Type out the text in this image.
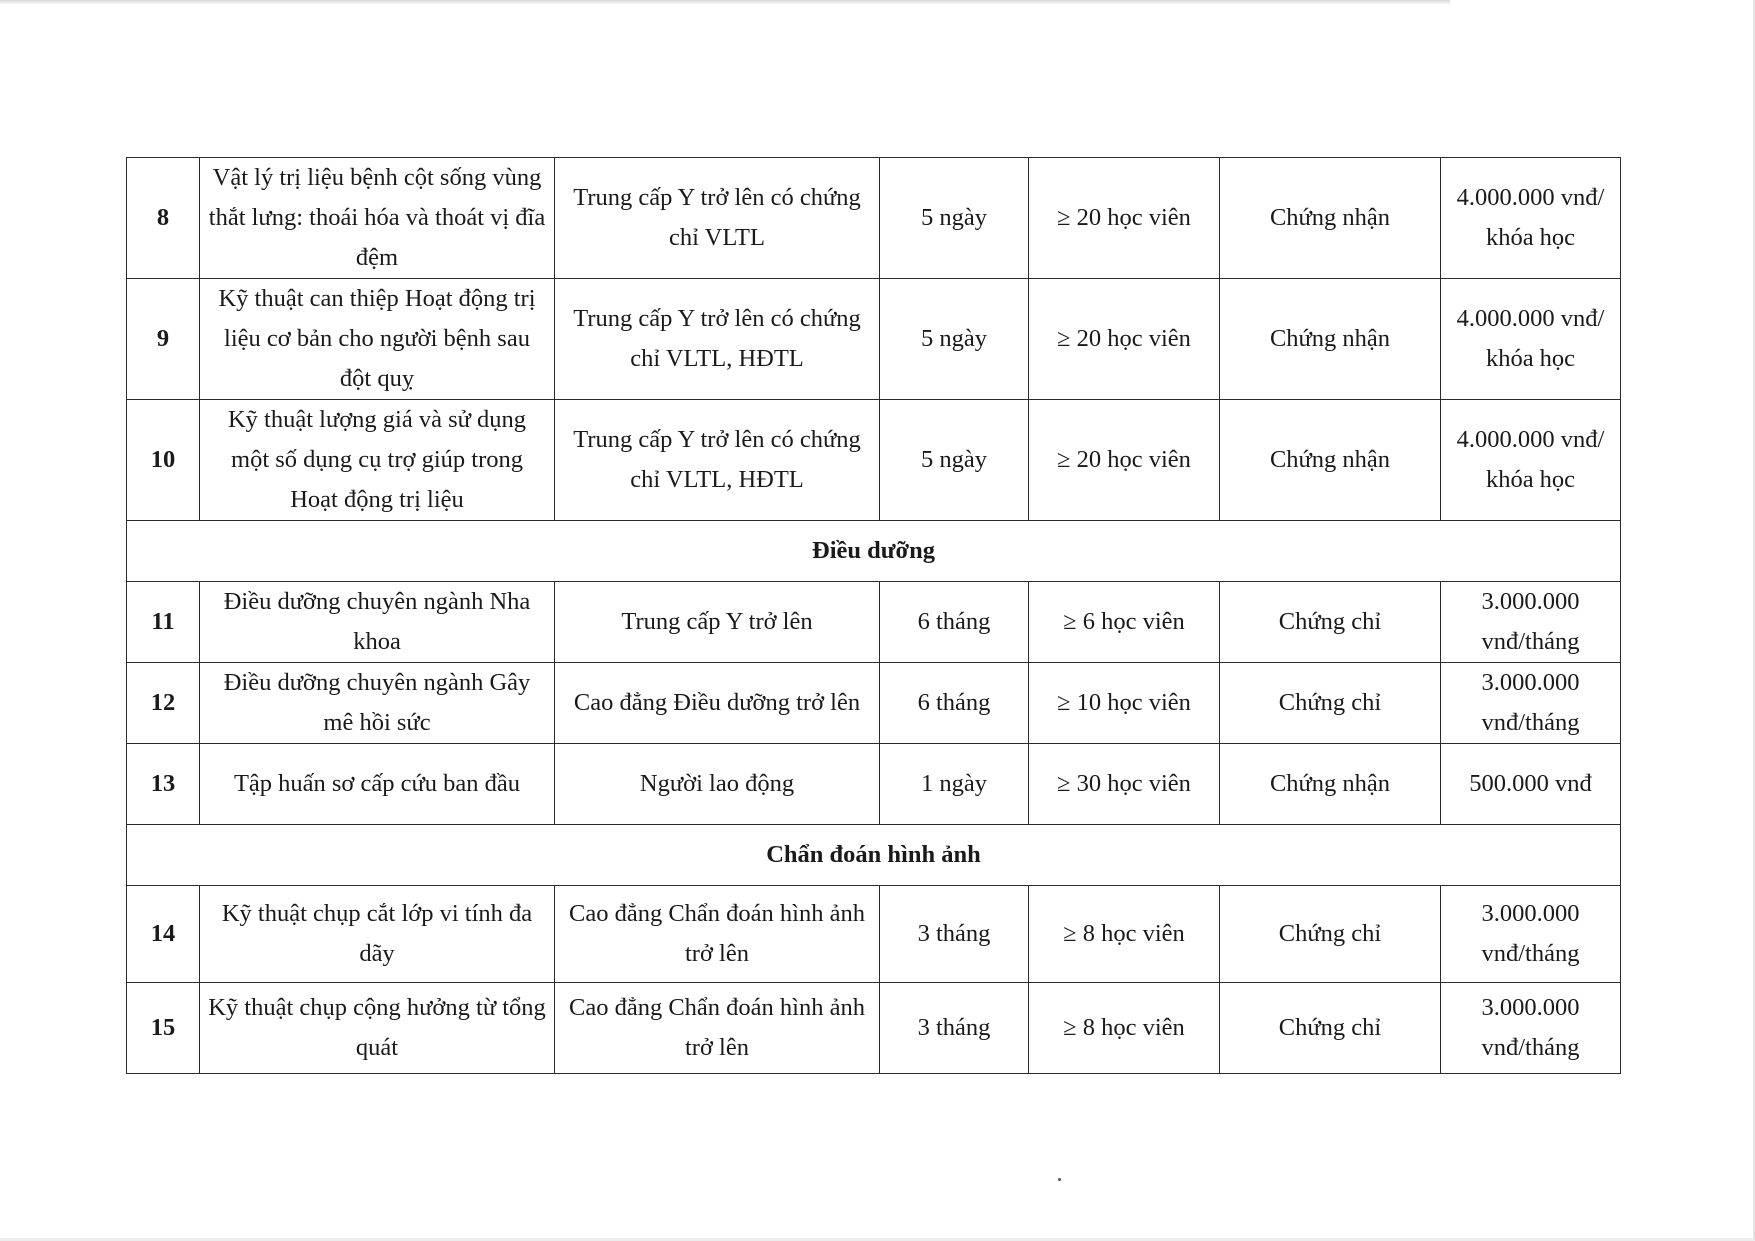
8	Vật lý trị liệu bệnh cột sống vùng thắt lưng: thoái hóa và thoát vị đĩa đệm	Trung cấp Y trở lên có chứng chỉ VLTL	5 ngày	≥ 20 học viên	Chứng nhận	4.000.000 vnđ/ khóa học
9	Kỹ thuật can thiệp Hoạt động trị liệu cơ bản cho người bệnh sau đột quỵ	Trung cấp Y trở lên có chứng chỉ VLTL, HĐTL	5 ngày	≥ 20 học viên	Chứng nhận	4.000.000 vnđ/ khóa học
10	Kỹ thuật lượng giá và sử dụng một số dụng cụ trợ giúp trong Hoạt động trị liệu	Trung cấp Y trở lên có chứng chỉ VLTL, HĐTL	5 ngày	≥ 20 học viên	Chứng nhận	4.000.000 vnđ/ khóa học
Điều dưỡng						
11	Điều dưỡng chuyên ngành Nha khoa	Trung cấp Y trở lên	6 tháng	≥ 6 học viên	Chứng chỉ	3.000.000 vnđ/tháng
12	Điều dưỡng chuyên ngành Gây mê hồi sức	Cao đẳng Điều dưỡng trở lên	6 tháng	≥ 10 học viên	Chứng chỉ	3.000.000 vnđ/tháng
13	Tập huấn sơ cấp cứu ban đầu	Người lao động	1 ngày	≥ 30 học viên	Chứng nhận	500.000 vnđ
Chẩn đoán hình ảnh						
14	Kỹ thuật chụp cắt lớp vi tính đa dãy	Cao đẳng Chẩn đoán hình ảnh trở lên	3 tháng	≥ 8 học viên	Chứng chỉ	3.000.000 vnđ/tháng
15	Kỹ thuật chụp cộng hưởng từ tổng quát	Cao đẳng Chẩn đoán hình ảnh trở lên	3 tháng	≥ 8 học viên	Chứng chỉ	3.000.000 vnđ/tháng
